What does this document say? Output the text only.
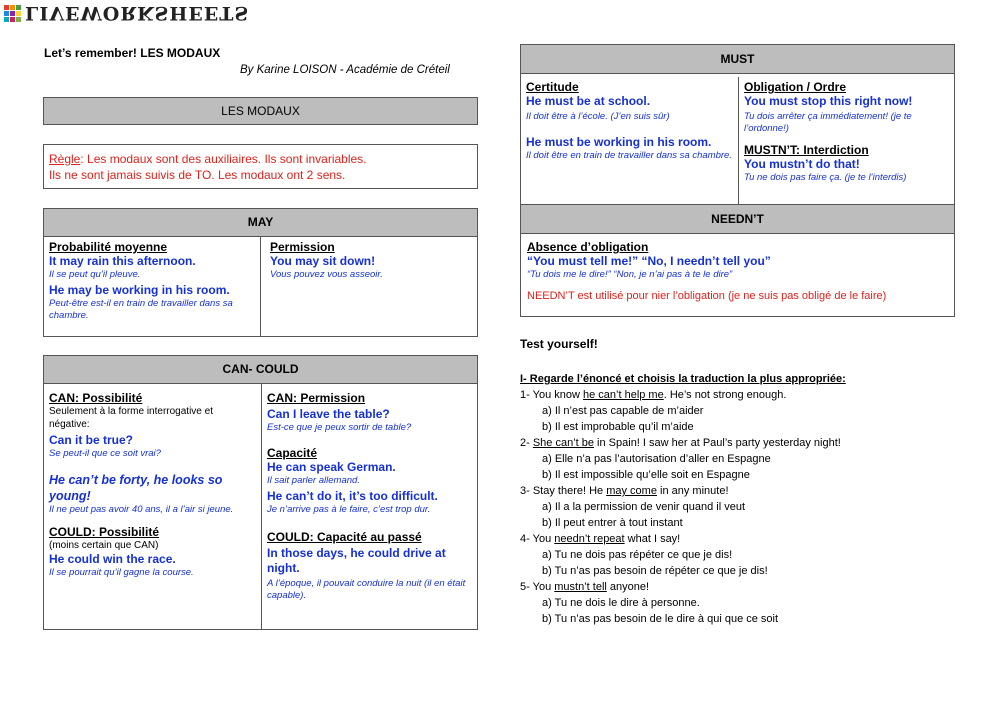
LIVEWORKSHEETS
Let’s remember! LES MODAUX
By Karine LOISON - Académie de Créteil
LES MODAUX
Règle: Les modaux sont des auxiliaires. Ils sont invariables.
Ils ne sont jamais suivis de TO. Les modaux ont 2 sens.
MAY
Probabilité moyenne
It may rain this afternoon.
Il se peut qu’il pleuve.
He may be working in his room.
Peut-être est-il en train de travailler dans sa chambre.
Permission
You may sit down!
Vous pouvez vous asseoir.
CAN- COULD
CAN: Possibilité
Seulement à la forme interrogative et négative:
Can it be true?
Se peut-il que ce soit vrai?
He can’t be forty, he looks so young!
Il ne peut pas avoir 40 ans, il a l’air si jeune.
COULD: Possibilité
(moins certain que CAN)
He could win the race.
Il se pourrait qu’il gagne la course.
CAN: Permission
Can I leave the table?
Est-ce que je peux sortir de table?
Capacité
He can speak German.
Il sait parler allemand.
He can’t do it, it’s too difficult.
Je n’arrive pas à le faire, c’est trop dur.
COULD: Capacité au passé
In those days, he could drive at night.
A l’époque, il pouvait conduire la nuit (il en était capable).
MUST
Certitude
He must be at school.
Il doit être à l’école. (J’en suis sûr)
He must be working in his room.
Il doit être en train de travailler dans sa chambre.
Obligation / Ordre
You must stop this right now!
Tu dois arrêter ça immédiatement! (je te l’ordonne!)
MUSTN’T: Interdiction
You mustn’t do that!
Tu ne dois pas faire ça. (je te l’interdis)
NEEDN’T
Absence d’obligation
“You must tell me!” “No, I needn’t tell you”
“Tu dois me le dire!” “Non, je n’ai pas à te le dire”
NEEDN’T est utilisé pour nier l’obligation (je ne suis pas obligé de le faire)
Test yourself!
I- Regarde l’énoncé et choisis la traduction la plus appropriée:
1- You know he can’t help me. He’s not strong enough.
a) Il n’est pas capable de m’aider
b) Il est improbable qu’il m’aide
2- She can’t be in Spain! I saw her at Paul’s party yesterday night!
a) Elle n’a pas l’autorisation d’aller en Espagne
b) Il est impossible qu’elle soit en Espagne
3- Stay there! He may come in any minute!
a) Il a la permission de venir quand il veut
b) Il peut entrer à tout instant
4- You needn’t repeat what I say!
a) Tu ne dois pas répéter ce que je dis!
b) Tu n’as pas besoin de répéter ce que je dis!
5- You mustn’t tell anyone!
a) Tu ne dois le dire à personne.
b) Tu n’as pas besoin de le dire à qui que ce soit
